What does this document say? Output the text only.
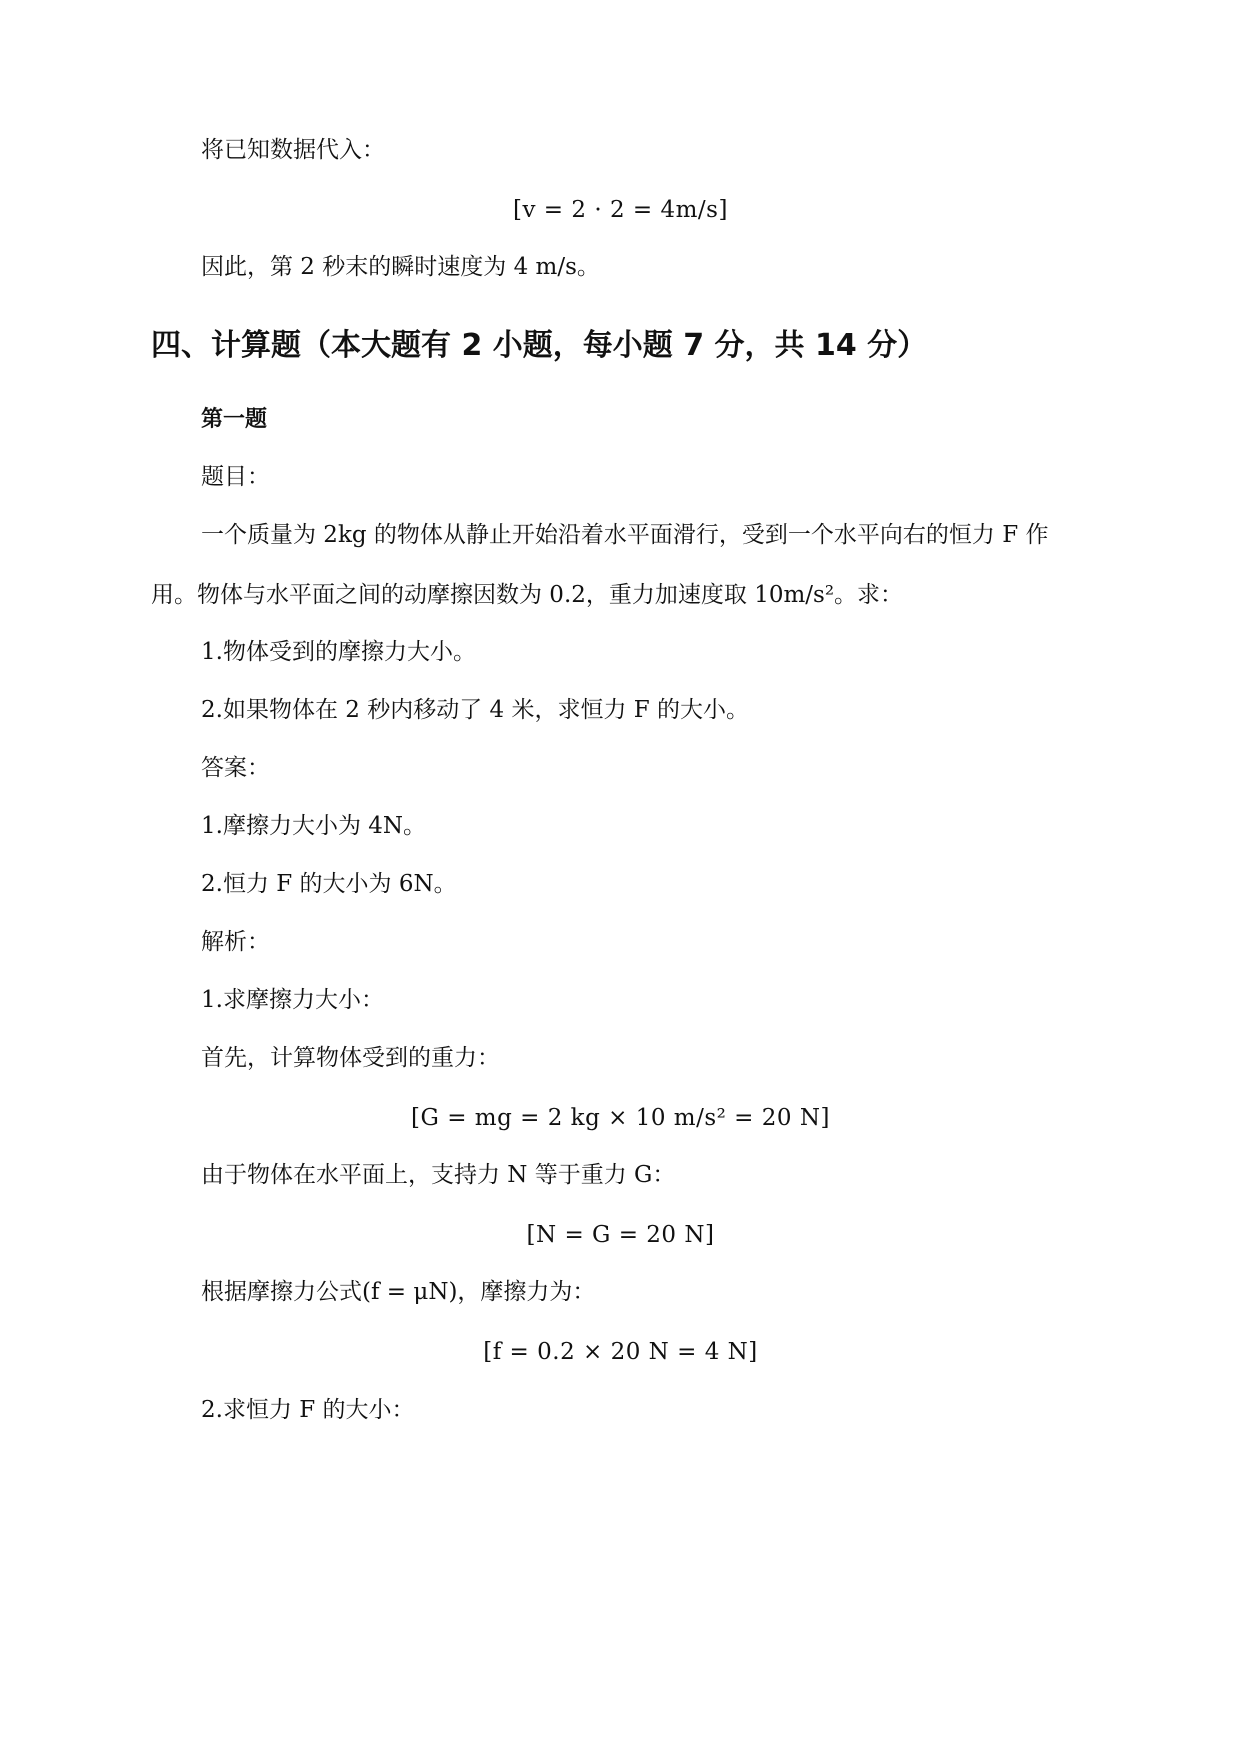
将已知数据代入：
[v = 2 · 2 = 4m/s]
因此，第 2 秒末的瞬时速度为 4 m/s。
四、计算题（本大题有 2 小题，每小题 7 分，共 14 分）
第一题
题目：
一个质量为 2kg 的物体从静止开始沿着水平面滑行，受到一个水平向右的恒力 F 作
用。物体与水平面之间的动摩擦因数为 0.2，重力加速度取 10m/s²。求：
1.物体受到的摩擦力大小。
2.如果物体在 2 秒内移动了 4 米，求恒力 F 的大小。
答案：
1.摩擦力大小为 4N。
2.恒力 F 的大小为 6N。
解析：
1.求摩擦力大小：
首先，计算物体受到的重力：
[G = mg = 2 kg × 10 m/s² = 20 N]
由于物体在水平面上，支持力 N 等于重力 G：
[N = G = 20 N]
根据摩擦力公式(f = μN)，摩擦力为：
[f = 0.2 × 20 N = 4 N]
2.求恒力 F 的大小：
